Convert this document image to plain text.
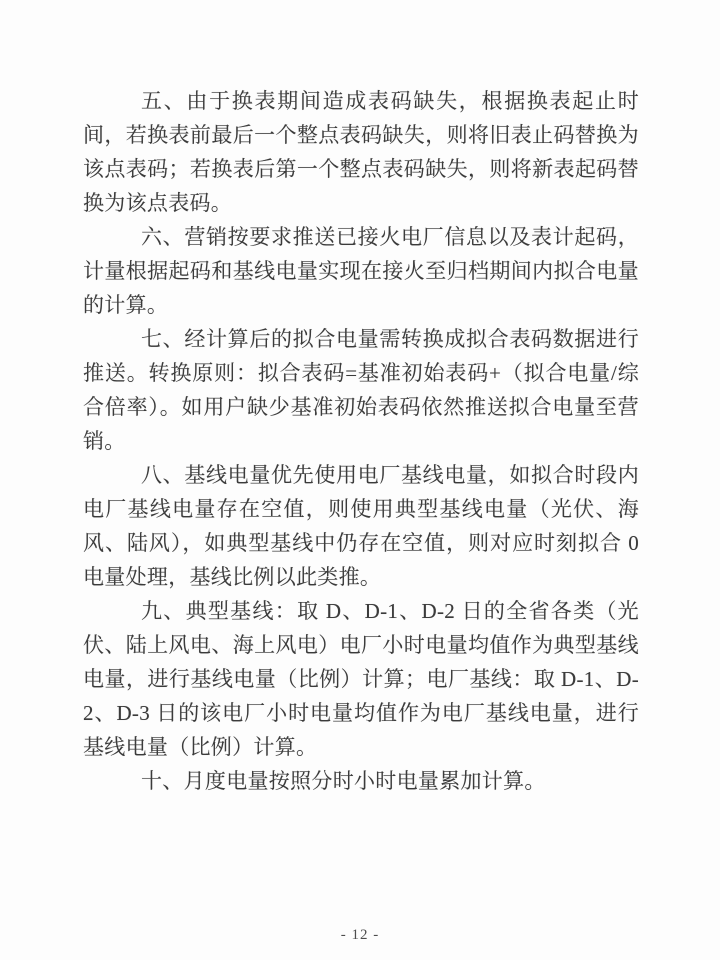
五、由于换表期间造成表码缺失，根据换表起止时间，若换表前最后一个整点表码缺失，则将旧表止码替换为该点表码；若换表后第一个整点表码缺失，则将新表起码替换为该点表码。

六、营销按要求推送已接火电厂信息以及表计起码，计量根据起码和基线电量实现在接火至归档期间内拟合电量的计算。

七、经计算后的拟合电量需转换成拟合表码数据进行推送。转换原则：拟合表码=基准初始表码+（拟合电量/综合倍率）。如用户缺少基准初始表码依然推送拟合电量至营销。

八、基线电量优先使用电厂基线电量，如拟合时段内电厂基线电量存在空值，则使用典型基线电量（光伏、海风、陆风），如典型基线中仍存在空值，则对应时刻拟合 0 电量处理，基线比例以此类推。

九、典型基线：取 D、D-1、D-2 日的全省各类（光伏、陆上风电、海上风电）电厂小时电量均值作为典型基线电量，进行基线电量（比例）计算；电厂基线：取 D-1、D-2、D-3 日的该电厂小时电量均值作为电厂基线电量，进行基线电量（比例）计算。

十、月度电量按照分时小时电量累加计算。

- 12 -
